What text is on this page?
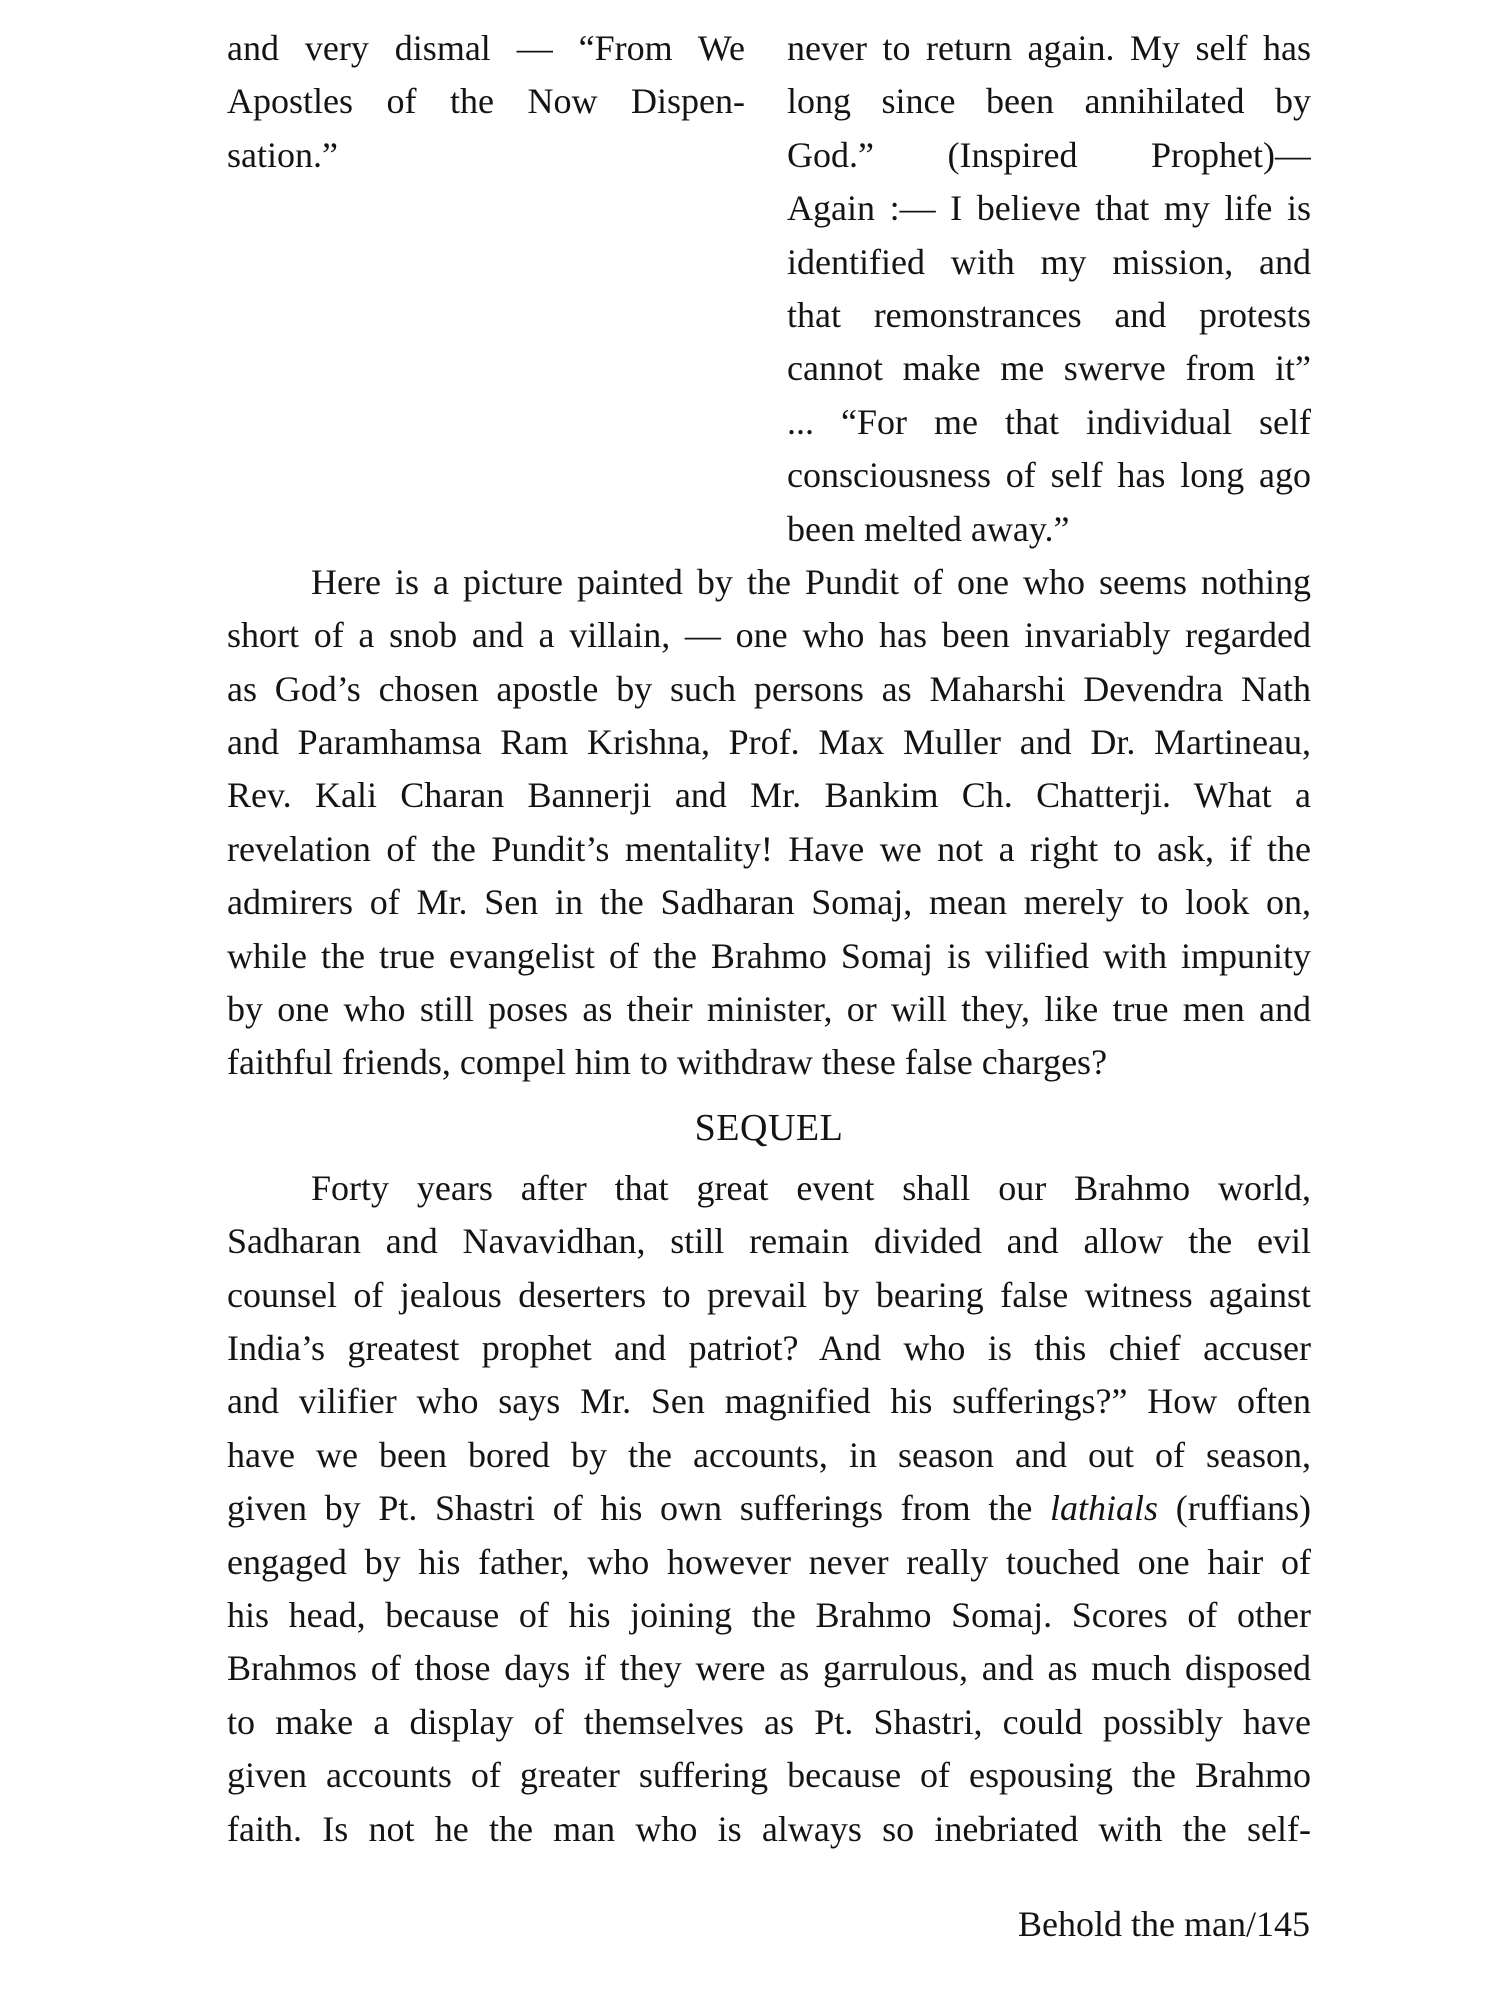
and very dismal — “From We
Apostles of the Now Dispen-
sation.”
never to return again. My self has
long since been annihilated by
God.” (Inspired Prophet)—
Again :— I believe that my life is
identified with my mission, and
that remonstrances and protests
cannot make me swerve from it”
... “For me that individual self
consciousness of self has long ago
been melted away.”
Here is a picture painted by the Pundit of one who seems nothing
short of a snob and a villain, — one who has been invariably regarded
as God’s chosen apostle by such persons as Maharshi Devendra Nath
and Paramhamsa Ram Krishna, Prof. Max Muller and Dr. Martineau,
Rev. Kali Charan Bannerji and Mr. Bankim Ch. Chatterji. What a
revelation of the Pundit’s mentality! Have we not a right to ask, if the
admirers of Mr. Sen in the Sadharan Somaj, mean merely to look on,
while the true evangelist of the Brahmo Somaj is vilified with impunity
by one who still poses as their minister, or will they, like true men and
faithful friends, compel him to withdraw these false charges?
SEQUEL
Forty years after that great event shall our Brahmo world,
Sadharan and Navavidhan, still remain divided and allow the evil
counsel of jealous deserters to prevail by bearing false witness against
India’s greatest prophet and patriot? And who is this chief accuser
and vilifier who says Mr. Sen magnified his sufferings?” How often
have we been bored by the accounts, in season and out of season,
given by Pt. Shastri of his own sufferings from the lathials (ruffians)
engaged by his father, who however never really touched one hair of
his head, because of his joining the Brahmo Somaj. Scores of other
Brahmos of those days if they were as garrulous, and as much disposed
to make a display of themselves as Pt. Shastri, could possibly have
given accounts of greater suffering because of espousing the Brahmo
faith. Is not he the man who is always so inebriated with the self-
Behold the man/145
